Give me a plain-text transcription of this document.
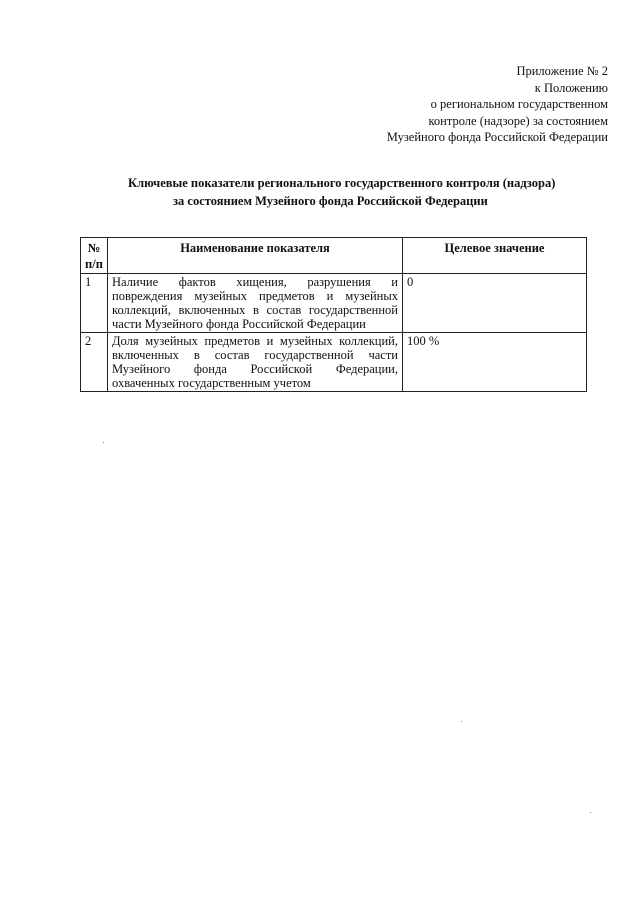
Приложение № 2
к Положению
о региональном государственном
контроле (надзоре) за состоянием
Музейного фонда Российской Федерации
Ключевые показатели регионального государственного контроля (надзора)
за состоянием Музейного фонда Российской Федерации
№
п/п	Наименование показателя	Целевое значение
1	Наличие фактов хищения, разрушения и повреждения музейных предметов и музейных коллекций, включенных в состав государственной части Музейного фонда Российской Федерации	0
2	Доля музейных предметов и музейных коллекций, включенных в состав государственной части Музейного фонда Российской Федерации, охваченных государственным учетом	100 %
